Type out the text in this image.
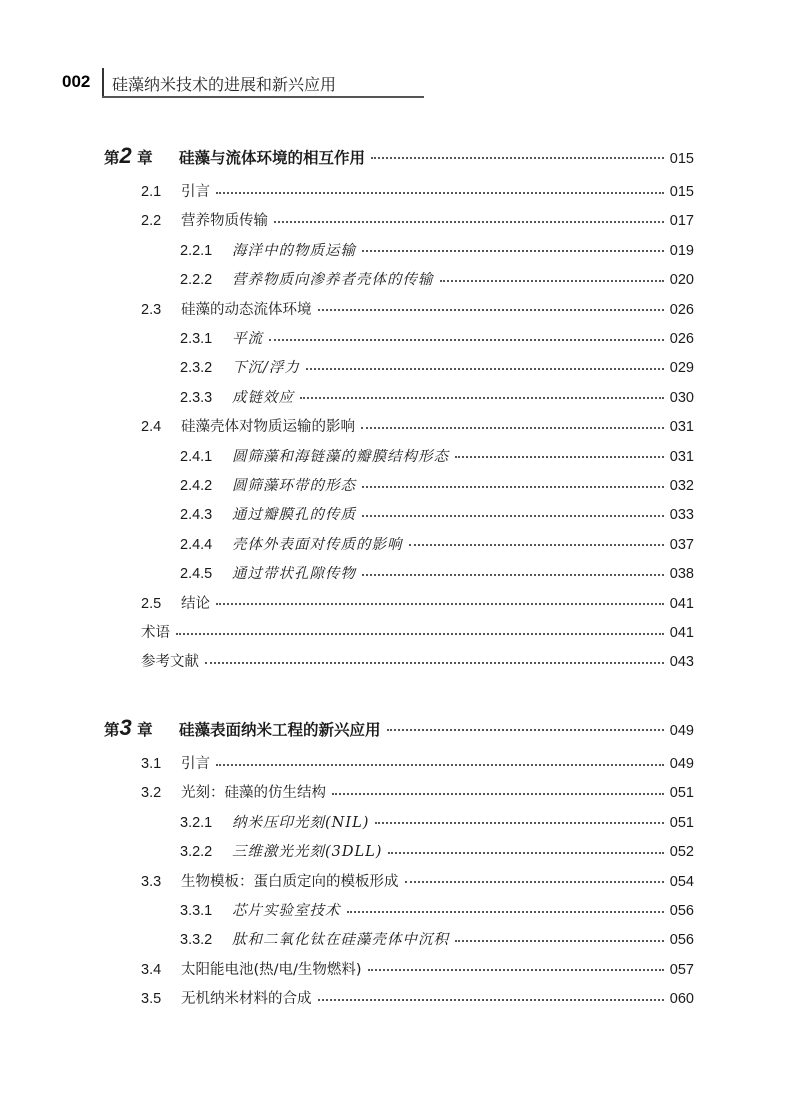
002 硅藻纳米技术的进展和新兴应用
第2 章	硅藻与流体环境的相互作用	015
2.1	引言	015
2.2	营养物质传输	017
2.2.1	海洋中的物质运输	019
2.2.2	营养物质向渗养者壳体的传输	020
2.3	硅藻的动态流体环境	026
2.3.1	平流	026
2.3.2	下沉/浮力	029
2.3.3	成链效应	030
2.4	硅藻壳体对物质运输的影响	031
2.4.1	圆筛藻和海链藻的瓣膜结构形态	031
2.4.2	圆筛藻环带的形态	032
2.4.3	通过瓣膜孔的传质	033
2.4.4	壳体外表面对传质的影响	037
2.4.5	通过带状孔隙传物	038
2.5	结论	041
术语	041
参考文献	043
第3 章	硅藻表面纳米工程的新兴应用	049
3.1	引言	049
3.2	光刻：硅藻的仿生结构	051
3.2.1	纳米压印光刻(NIL)	051
3.2.2	三维激光光刻(3DLL)	052
3.3	生物模板：蛋白质定向的模板形成	054
3.3.1	芯片实验室技术	056
3.3.2	肽和二氧化钛在硅藻壳体中沉积	056
3.4	太阳能电池(热/电/生物燃料)	057
3.5	无机纳米材料的合成	060
